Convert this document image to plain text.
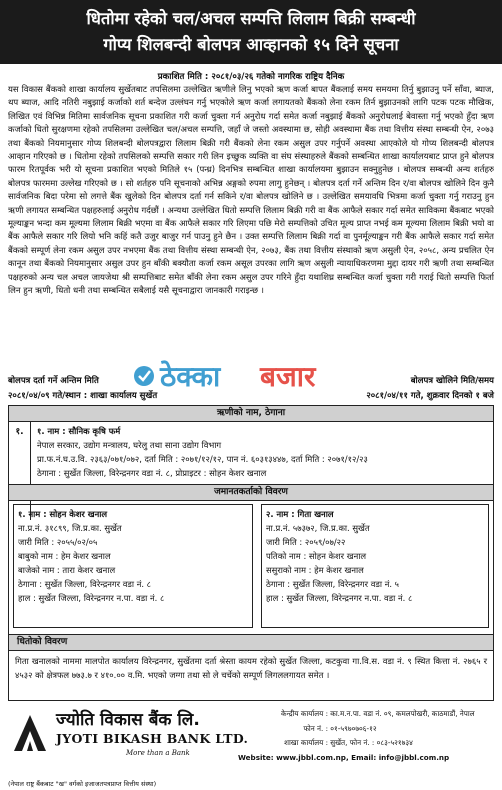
धितोमा रहेको चल/अचल सम्पत्ति लिलाम बिक्री सम्बन्धी
गोप्य शिलबन्दी बोलपत्र आव्हानको १५ दिने सूचना
प्रकाशित मिति : २०८१/०३/२६ गतेको नागरिक राष्ट्रिय दैनिक
यस विकास बैंकको शाखा कार्यालय सुर्खेतबाट तपसिलमा उल्लेखित ऋणीले लिनु भएको ऋण कर्जा बापत बैंकलाई समय समयमा तिर्नु बुझाउनु पर्ने साँवा, ब्याज, थप ब्याज, आदि नतिरी नबुझाई कर्जाको शर्त बन्देज उल्लंघन गर्नु भएकोले ऋण कर्जा लगायतको बैंकको लेना रकम तिर्न बुझाउनको लागि पटक पटक मौखिक, लिखित एवं विभिन्न मितिमा सार्वजनिक सूचना प्रकाशित गरी कर्जा चुक्ता गर्न अनुरोध गर्दा समेत कर्जा नबुझाई बैंकको अनुरोधलाई बेवास्ता गर्नु भएको हुँदा ऋण कर्जाको धितो सुरक्षणमा रहेको तपसिलमा उल्लेखित चल/अचल सम्पत्ति, जहाँ जे जस्तो अवस्थामा छ, सोही अवस्थामा बैंक तथा वित्तीय संस्था सम्बन्धी ऐन, २०७३ तथा बैंकको नियमानुसार गोप्य शिलबन्दी बोलपत्रद्वारा लिलाम बिक्री गरी बैंकको लेना रकम असुल उपर गर्नुपर्ने अवस्था आएकोले यो गोप्य शिलबन्दी बोलपत्र आव्हान गरिएको छ । धितोमा रहेको तपसिलको सम्पत्ति सकार गरी लिन इच्छुक व्यक्ति वा संघ संस्थाहरुले बैंकको सम्बन्धित शाखा कार्यालयबाट प्राप्त हुने बोलपत्र फारम रितपूर्वक भरी यो सूचना प्रकाशित भएको मितिले १५ (पन्ध्र) दिनभित्र सम्बन्धित शाखा कार्यालयमा बुझाउन सक्नुहुनेछ । बोलपत्र सम्बन्धी अन्य शर्तहरु बोलपत्र फारममा उल्लेख गरिएको छ । सो शर्तहरु पनि सूचनाको अभिन्न अङ्गको रुपमा लागु हुनेछन् । बोलपत्र दर्ता गर्ने अन्तिम दिन र/वा बोलपत्र खोलिने दिन कुनै सार्वजनिक बिदा परेमा सो लगत्ते बैंक खुलेको दिन बोलपत्र दर्ता गर्न सकिने र/वा बोलपत्र खोलिने छ । उल्लेखित समयावधि भित्रमा कर्जा चुक्ता गर्नु गराउनु हुन ऋणी लगायत सम्बन्धित पक्षहरुलाई अनुरोध गर्दछौं । अन्यथा उल्लेखित धितो सम्पत्ति लिलाम बिक्री गरी वा बैंक आफैले सकार गर्दा समेत साविकमा बैंकबाट भएको मूल्याङ्कन भन्दा कम मूल्यमा लिलाम बिक्री भएमा वा बैंक आफैले सकार गरि लिएमा पछि मेरो सम्पत्तिको उचित मूल्य प्राप्त नभई कम मूल्यमा लिलाम बिक्री भयो वा बैंक आफैले सकार गरि लियो भनि कहिं कतै उजुर बाजुर गर्न पाउनु हुने छैन । उक्त सम्पत्ति लिलाम बिक्री गर्दा वा पुनर्मूल्याङ्कन गरी बैंक आफैले सकार गर्दा समेत बैंकको सम्पूर्ण लेना रकम असुल उपर नभएमा बैंक तथा वित्तीय संस्था सम्बन्धी ऐन, २०७३, बैंक तथा वित्तीय संस्थाको ऋण असुली ऐन, २०५८, अन्य प्रचलित ऐन कानून तथा बैंकको नियमानुसार असुल उपर हुन बाँकी बक्यौता कर्जा रकम असूल उपरका लागि ऋण असुली न्यायाधिकरणमा मुद्दा दायर गरी ऋणी तथा सम्बन्धित पक्षहरुको अन्य चल अचल जायजेथा श्री सम्पत्तिबाट समेत बाँकी लेना रकम असुल उपर गरिने हुँदा यथाशिघ्र सम्बन्धित कर्जा चुक्ता गरी गराई धितो सम्पत्ति फिर्ता लिन हुन ऋणी, धितो धनी तथा सम्बन्धित सबैलाई यसै सूचनाद्वारा जानकारी गराइन्छ ।
ठेक्का बजार
बोलपत्र दर्ता गर्ने अन्तिम मिति	बोलपत्र खोलिने मिति/समय
२०८१/०४/०९ गते/स्थान : शाखा कार्यालय सुर्खेत	२०८१/०४/११ गते, शुक्रवार दिनको १ बजे
ऋणीको नाम, ठेगाना
१.	१. नाम : सौनिक कृषि फर्म
नेपाल सरकार, उद्योग मन्त्रालय, घरेलु तथा साना उद्योग विभाग
प्रा.फ.नं.घ.उ.वि. २३६३/०७१/०७२, दर्ता मिति : २०७१/१२/१२, पान नं. ६०३१३४४७, दर्ता मिति : २०७१/१२/२३
ठेगाना : सुर्खेत जिल्ला, विरेन्द्रनगर वडा नं. ८, प्रोप्राइटर : सोहन केशर खनाल
जमानतकर्ताको विवरण
१. नाम : सोहन केशर खनाल
ना.प्र.नं. ३१८९९, जि.प्र.का. सुर्खेत
जारी मिति : २०५५/०२/०५
बाबुको नाम : हेम केशर खनाल
बाजेको नाम : तारा केशर खनाल
ठेगाना : सुर्खेत जिल्ला, विरेन्द्रनगर वडा नं. ८
हाल : सुर्खेत जिल्ला, विरेन्द्रनगर न.पा. वडा नं. ८
२. नाम : गिता खनाल
ना.प्र.नं. ५७३७२, जि.प्र.का. सुर्खेत
जारी मिति : २०५९/०७/२२
पतिको नाम : सोहन केशर खनाल
ससुराको नाम : हेम केशर खनाल
ठेगाना : सुर्खेत जिल्ला, विरेन्द्रनगर वडा नं. ५
हाल : सुर्खेत जिल्ला, विरेन्द्रनगर न.पा. वडा नं. ८
धितोको विवरण
गिता खनालको नाममा मालपोत कार्यालय विरेन्द्रनगर, सुर्खेतमा दर्ता श्रेस्ता कायम रहेको सुर्खेत जिल्ला, कटकुवा गा.वि.स. वडा नं. ९ स्थित कित्ता नं. २७६५ र ४५३२ को क्षेत्रफल ७७३.७ र ४१०.०० व.मि. भएको जग्गा तथा सो ले चर्चेको सम्पूर्ण लिगललगायत समेत ।
ज्योति विकास बैंक लि.
JYOTI BIKASH BANK LTD.
More than a Bank
(नेपाल राष्ट्र बैंकबाट "ख" वर्गको इजाजतपत्रप्राप्त वित्तीय संस्था)
केन्द्रीय कार्यालय : का.म.न.पा. वडा नं. ०९, कमलपोखरी, काठमाडौं, नेपाल
फोन नं. : ०१-५९७०७०६-१२
शाखा कार्यालय : सुर्खेत, फोन नं. : ०८३-५२१७३४
Website: www.jbbl.com.np, Email: info@jbbl.com.np
